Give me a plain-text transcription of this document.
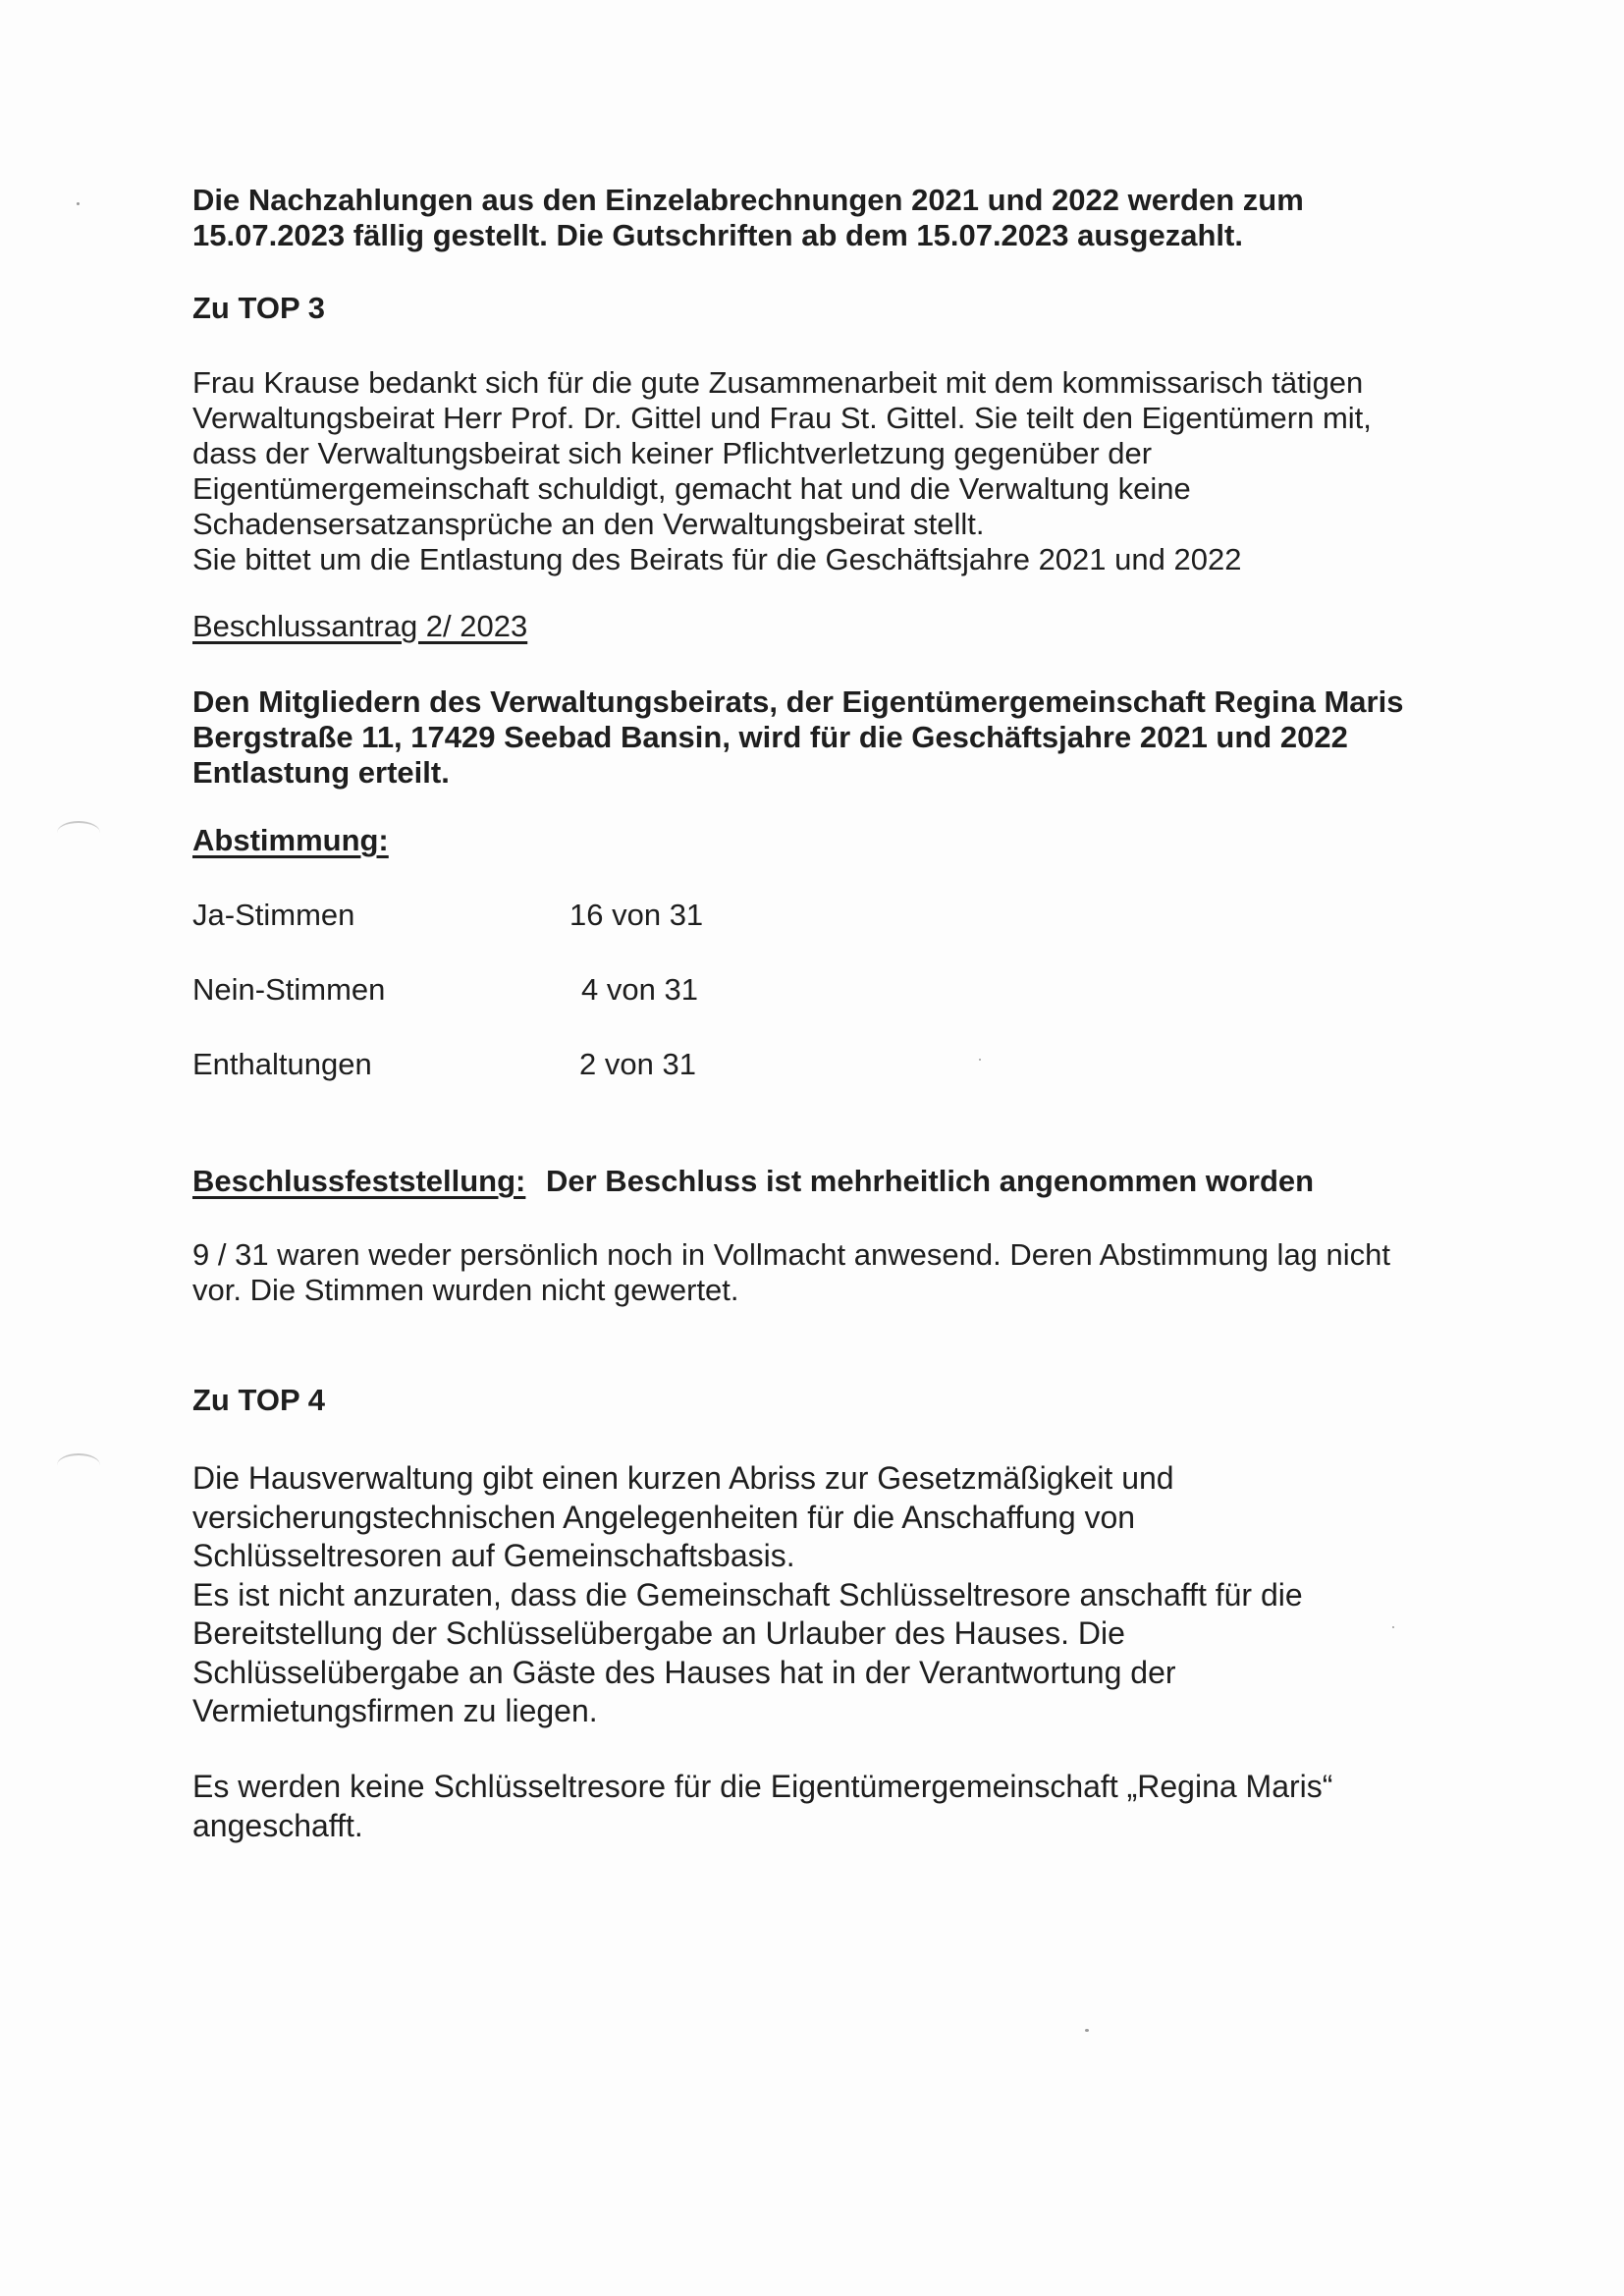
Die Nachzahlungen aus den Einzelabrechnungen 2021 und 2022 werden zum
15.07.2023 fällig gestellt. Die Gutschriften ab dem 15.07.2023 ausgezahlt.
Zu TOP 3
Frau Krause bedankt sich für die gute Zusammenarbeit mit dem kommissarisch tätigen
Verwaltungsbeirat Herr Prof. Dr. Gittel und Frau St. Gittel. Sie teilt den Eigentümern mit,
dass der Verwaltungsbeirat sich keiner Pflichtverletzung gegenüber der
Eigentümergemeinschaft schuldigt, gemacht hat und die Verwaltung keine
Schadensersatzansprüche an den Verwaltungsbeirat stellt.
Sie bittet um die Entlastung des Beirats für die Geschäftsjahre 2021 und 2022
Beschlussantrag 2/ 2023
Den Mitgliedern des Verwaltungsbeirats, der Eigentümergemeinschaft Regina Maris
Bergstraße 11, 17429 Seebad Bansin, wird für die Geschäftsjahre 2021 und 2022
Entlastung erteilt.
Abstimmung:
Ja-Stimmen	16 von 31
Nein-Stimmen	4 von 31
Enthaltungen	2 von 31
Beschlussfeststellung: Der Beschluss ist mehrheitlich angenommen worden
9 / 31 waren weder persönlich noch in Vollmacht anwesend. Deren Abstimmung lag nicht
vor. Die Stimmen wurden nicht gewertet.
Zu TOP 4
Die Hausverwaltung gibt einen kurzen Abriss zur Gesetzmäßigkeit und
versicherungstechnischen Angelegenheiten für die Anschaffung von
Schlüsseltresoren auf Gemeinschaftsbasis.
Es ist nicht anzuraten, dass die Gemeinschaft Schlüsseltresore anschafft für die
Bereitstellung der Schlüsselübergabe an Urlauber des Hauses. Die
Schlüsselübergabe an Gäste des Hauses hat in der Verantwortung der
Vermietungsfirmen zu liegen.
Es werden keine Schlüsseltresore für die Eigentümergemeinschaft „Regina Maris“
angeschafft.
